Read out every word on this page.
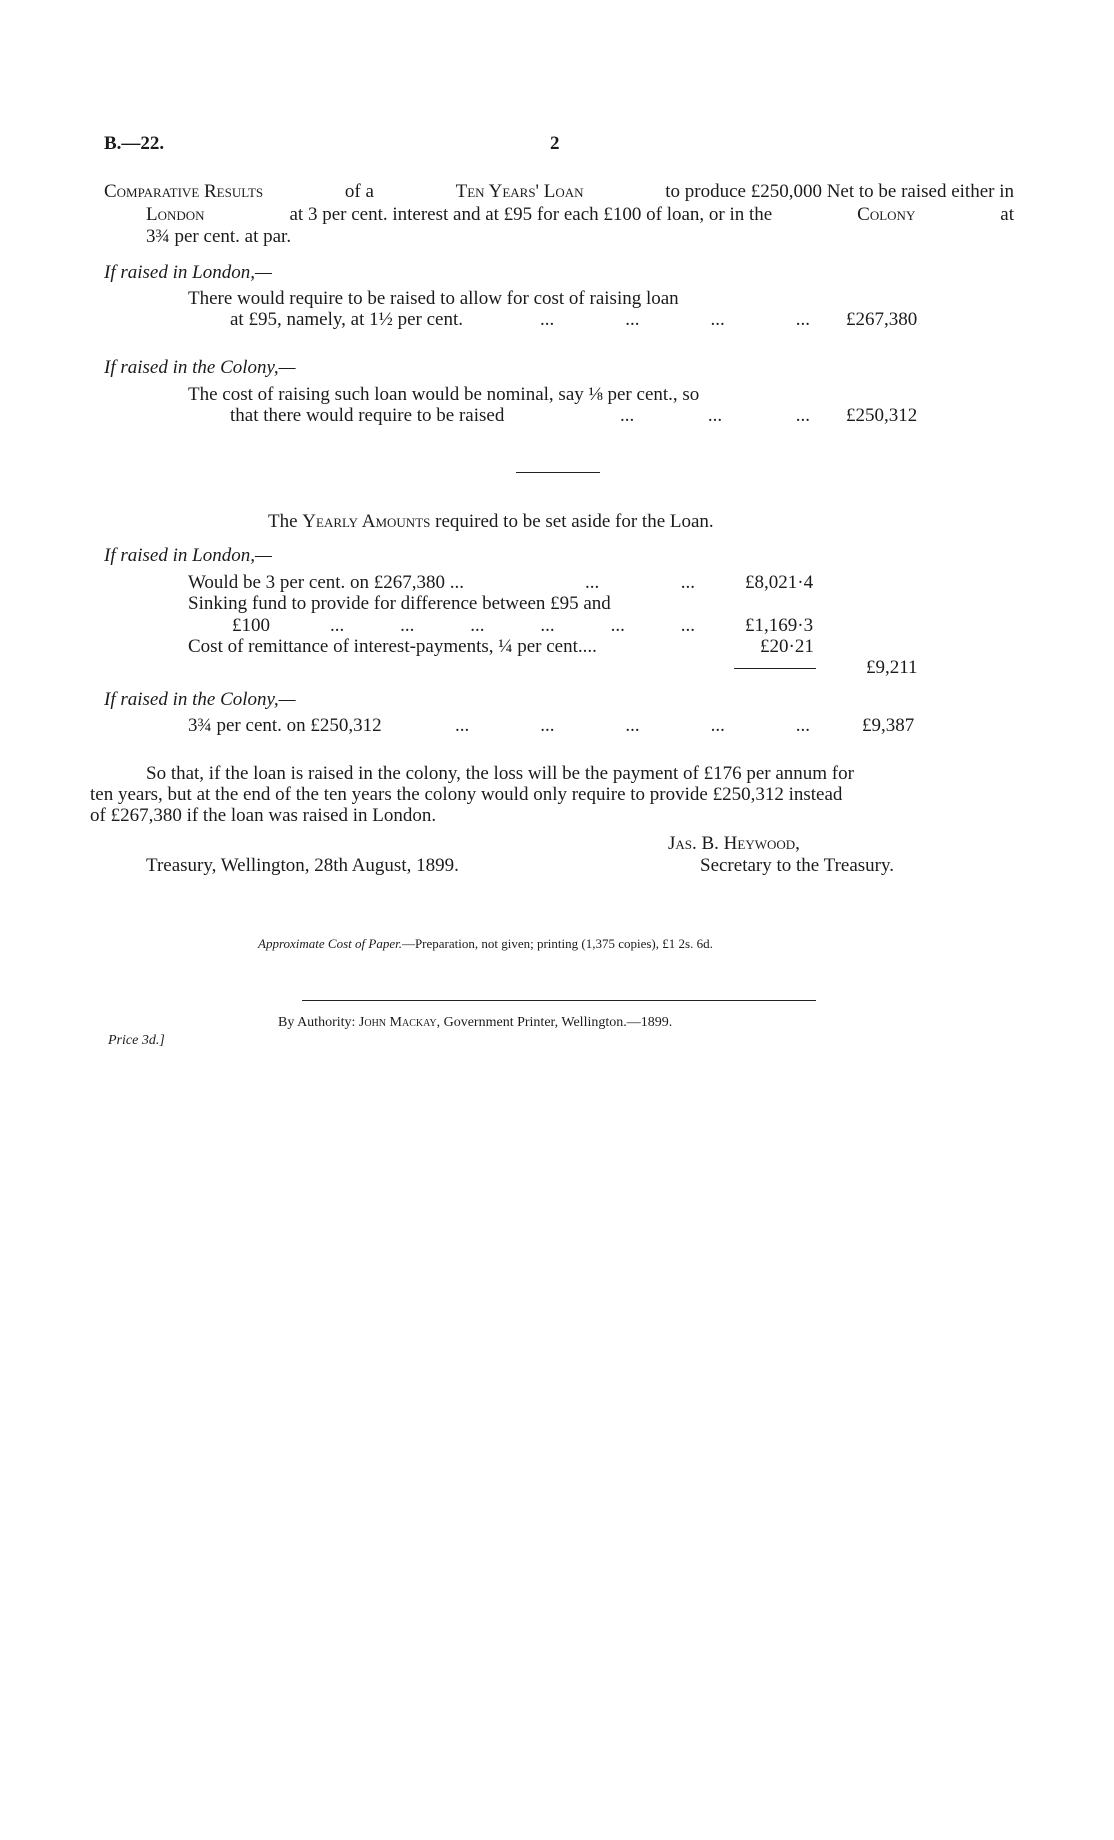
B.—22.	2
Comparative Results	of a	Ten Years' Loan	to produce £250,000 Net to be raised either in
London	at 3 per cent. interest and at £95 for each £100 of loan, or in the	Colony	at
3¾ per cent. at par.
If raised in London,—
There would require to be raised to allow for cost of raising loan
at £95, namely, at 1½ per cent.	...	...	...	... £267,380
If raised in the Colony,—
The cost of raising such loan would be nominal, say ⅛ per cent., so
that there would require to be raised	...	...	... £250,312
The Yearly Amounts required to be set aside for the Loan.
If raised in London,—
Would be 3 per cent. on £267,380 ...	...	...	£8,021·4
Sinking fund to provide for difference between £95 and
£100	...	...	...	...	...	...	£1,169·3
Cost of remittance of interest-payments, ¼ per cent....	£20·21
£9,211
If raised in the Colony,—
3¾ per cent. on £250,312	...	...	...	...	...	£9,387
So that, if the loan is raised in the colony, the loss will be the payment of £176 per annum for
ten years, but at the end of the ten years the colony would only require to provide £250,312 instead
of £267,380 if the loan was raised in London.
Jas. B. Heywood,
Treasury, Wellington, 28th August, 1899.	Secretary to the Treasury.
Approximate Cost of Paper.—Preparation, not given; printing (1,375 copies), £1 2s. 6d.
By Authority: John Mackay, Government Printer, Wellington.—1899.
Price 3d.]
